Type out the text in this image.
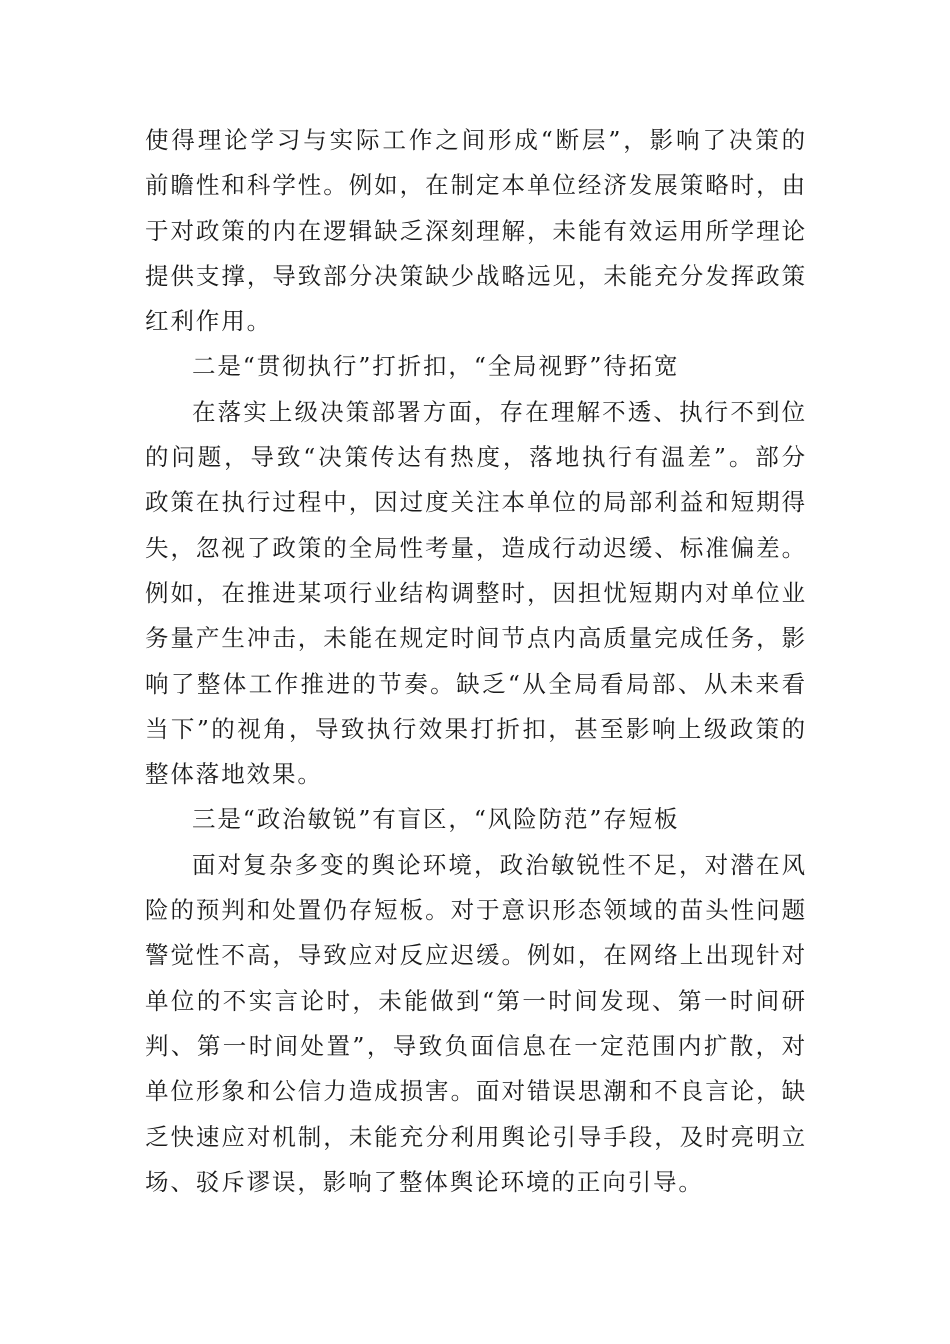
使得理论学习与实际工作之间形成“断层”，影响了决策的前瞻性和科学性。例如，在制定本单位经济发展策略时，由于对政策的内在逻辑缺乏深刻理解，未能有效运用所学理论提供支撑，导致部分决策缺少战略远见，未能充分发挥政策红利作用。

二是“贯彻执行”打折扣，“全局视野”待拓宽

在落实上级决策部署方面，存在理解不透、执行不到位的问题，导致“决策传达有热度，落地执行有温差”。部分政策在执行过程中，因过度关注本单位的局部利益和短期得失，忽视了政策的全局性考量，造成行动迟缓、标准偏差。例如，在推进某项行业结构调整时，因担忧短期内对单位业务量产生冲击，未能在规定时间节点内高质量完成任务，影响了整体工作推进的节奏。缺乏“从全局看局部、从未来看当下”的视角，导致执行效果打折扣，甚至影响上级政策的整体落地效果。

三是“政治敏锐”有盲区，“风险防范”存短板

面对复杂多变的舆论环境，政治敏锐性不足，对潜在风险的预判和处置仍存短板。对于意识形态领域的苗头性问题警觉性不高，导致应对反应迟缓。例如，在网络上出现针对单位的不实言论时，未能做到“第一时间发现、第一时间研判、第一时间处置”，导致负面信息在一定范围内扩散，对单位形象和公信力造成损害。面对错误思潮和不良言论，缺乏快速应对机制，未能充分利用舆论引导手段，及时亮明立场、驳斥谬误，影响了整体舆论环境的正向引导。
